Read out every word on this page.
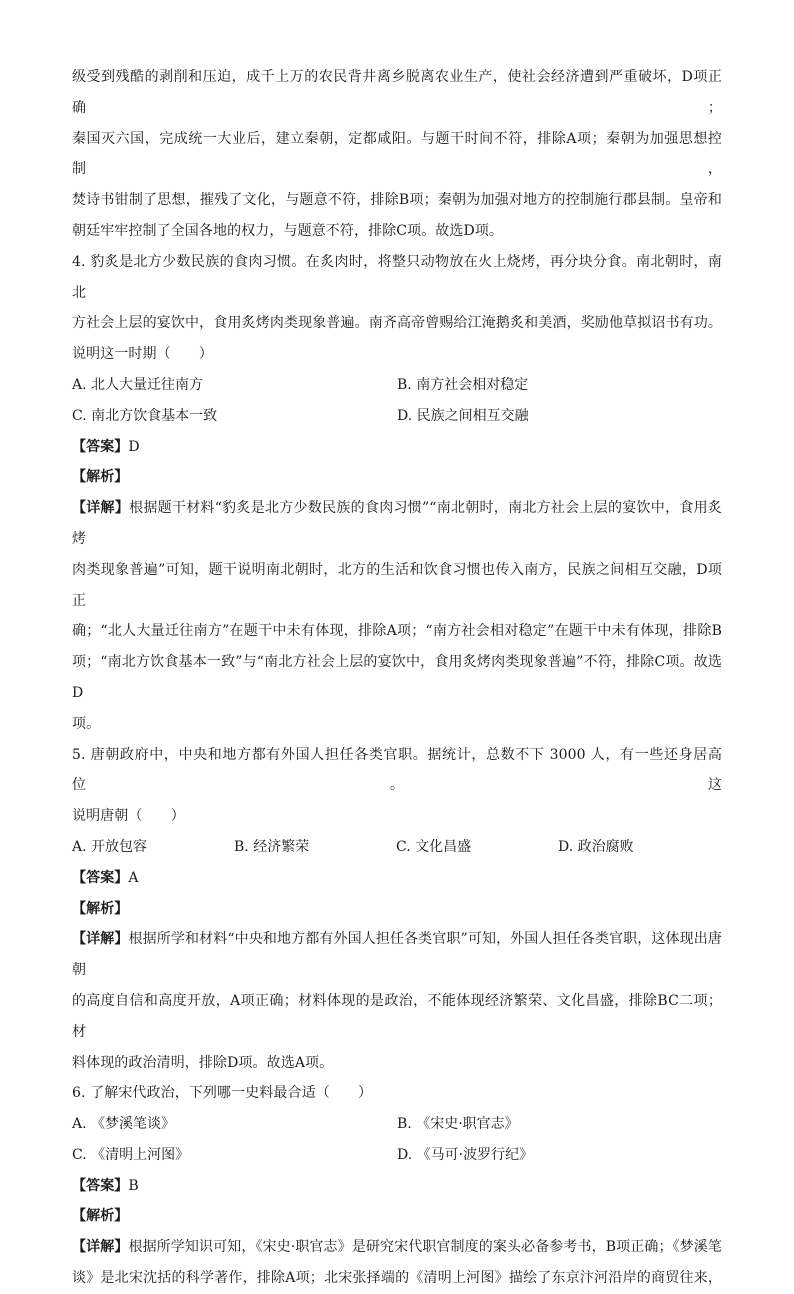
级受到残酷的剥削和压迫，成千上万的农民背井离乡脱离农业生产，使社会经济遭到严重破坏，D项正确；
秦国灭六国，完成统一大业后，建立秦朝，定都咸阳。与题干时间不符，排除A项；秦朝为加强思想控制，
焚诗书钳制了思想，摧残了文化，与题意不符，排除B项；秦朝为加强对地方的控制施行郡县制。皇帝和
朝廷牢牢控制了全国各地的权力，与题意不符，排除C项。故选D项。
4. 豹炙是北方少数民族的食肉习惯。在炙肉时，将整只动物放在火上烧烤，再分块分食。南北朝时，南北
方社会上层的宴饮中，食用炙烤肉类现象普遍。南齐高帝曾赐给江淹鹅炙和美酒，奖励他草拟诏书有功。
说明这一时期（　　）
A. 北人大量迁往南方	B. 南方社会相对稳定
C. 南北方饮食基本一致	D. 民族之间相互交融
【答案】D
【解析】
【详解】根据题干材料“豹炙是北方少数民族的食肉习惯”“南北朝时，南北方社会上层的宴饮中，食用炙烤
肉类现象普遍”可知，题干说明南北朝时，北方的生活和饮食习惯也传入南方，民族之间相互交融，D项正
确；“北人大量迁往南方”在题干中未有体现，排除A项；“南方社会相对稳定”在题干中未有体现，排除B
项；“南北方饮食基本一致”与“南北方社会上层的宴饮中，食用炙烤肉类现象普遍”不符，排除C项。故选D
项。
5. 唐朝政府中，中央和地方都有外国人担任各类官职。据统计，总数不下 3000 人，有一些还身居高位。这
说明唐朝（　　）
A. 开放包容	B. 经济繁荣	C. 文化昌盛	D. 政治腐败
【答案】A
【解析】
【详解】根据所学和材料“中央和地方都有外国人担任各类官职”可知，外国人担任各类官职，这体现出唐朝
的高度自信和高度开放，A项正确；材料体现的是政治，不能体现经济繁荣、文化昌盛，排除BC二项；材
料体现的政治清明，排除D项。故选A项。
6. 了解宋代政治，下列哪一史料最合适（　　）
A. 《梦溪笔谈》	B. 《宋史·职官志》
C. 《清明上河图》	D. 《马可·波罗行纪》
【答案】B
【解析】
【详解】根据所学知识可知，《宋史·职官志》是研究宋代职官制度的案头必备参考书，B项正确；《梦溪笔
谈》是北宋沈括的科学著作，排除A项；北宋张择端的《清明上河图》描绘了东京汴河沿岸的商贸往来，
